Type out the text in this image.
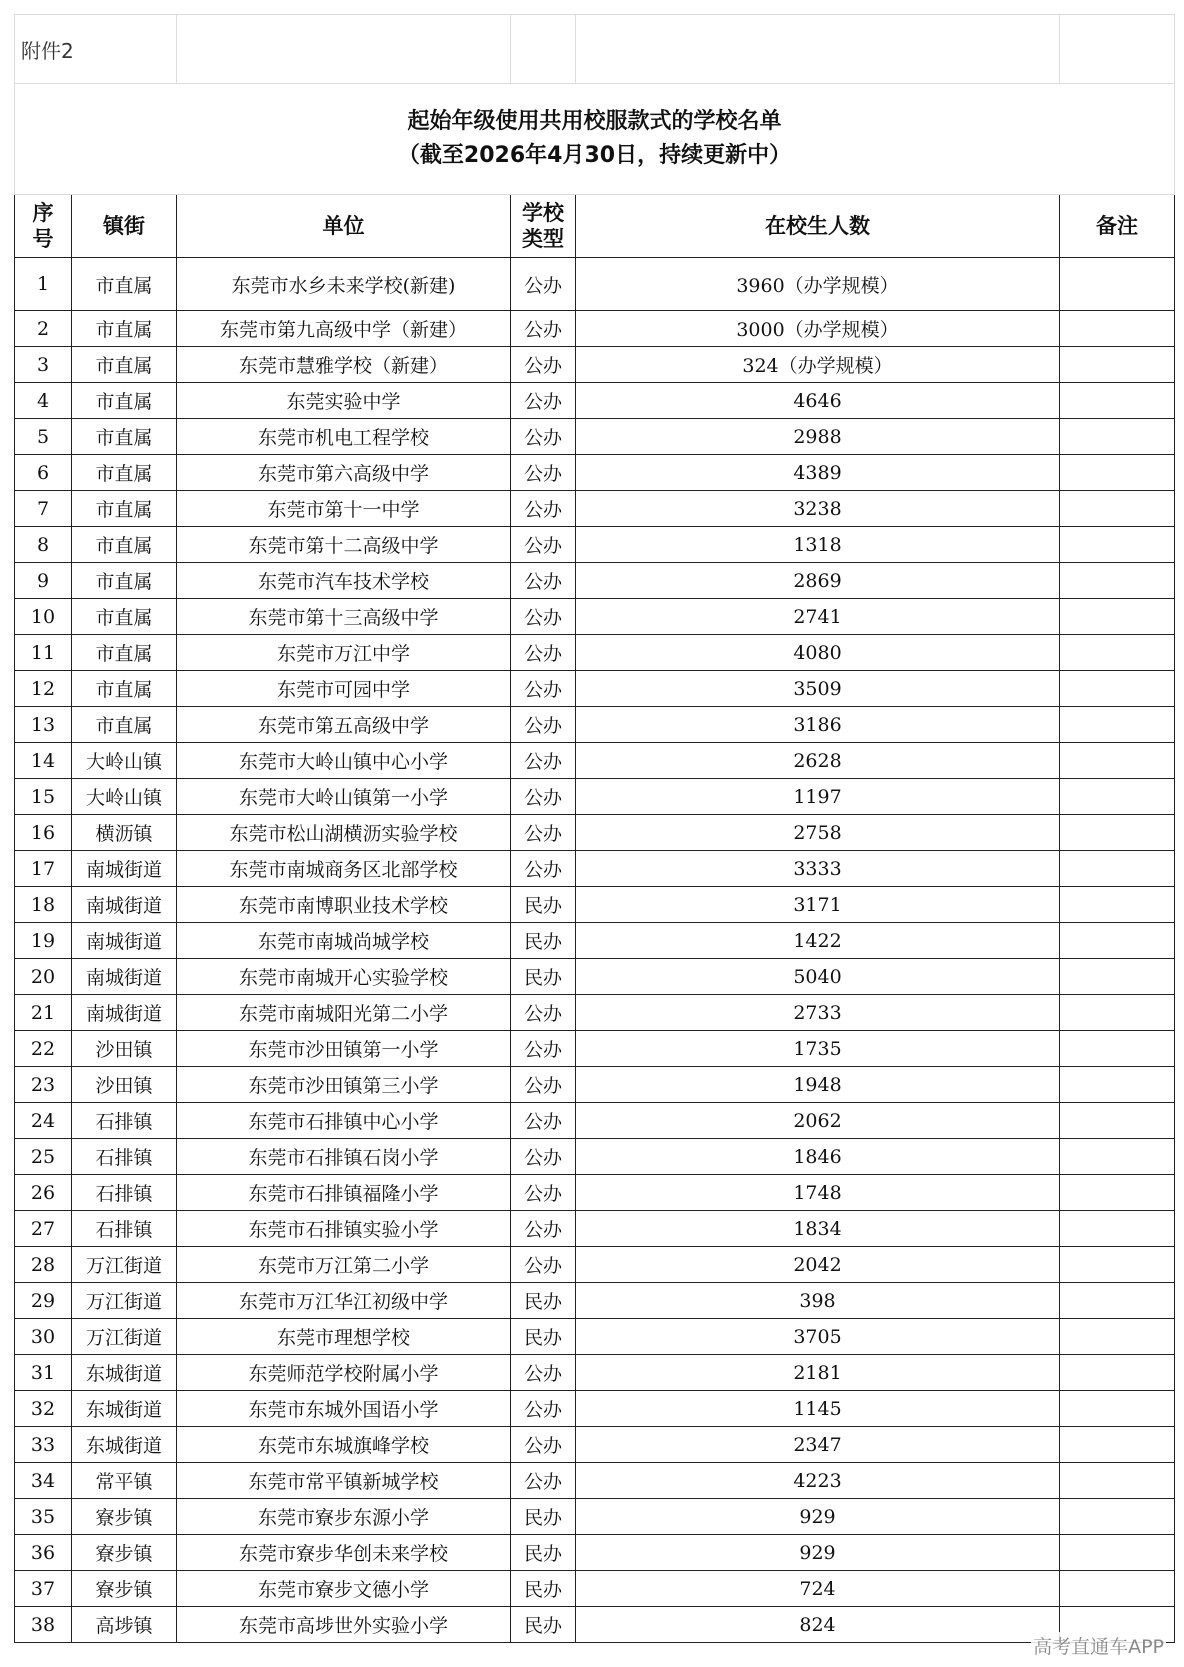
附件2					

起始年级使用共用校服款式的学校名单
（截至2026年4月30日，持续更新中）					

序号	镇街	单位	学校类型	在校生人数	备注
1	市直属	东莞市水乡未来学校(新建)	公办	3960（办学规模）	
2	市直属	东莞市第九高级中学（新建）	公办	3000（办学规模）	
3	市直属	东莞市慧雅学校（新建）	公办	324（办学规模）	
4	市直属	东莞实验中学	公办	4646	
5	市直属	东莞市机电工程学校	公办	2988	
6	市直属	东莞市第六高级中学	公办	4389	
7	市直属	东莞市第十一中学	公办	3238	
8	市直属	东莞市第十二高级中学	公办	1318	
9	市直属	东莞市汽车技术学校	公办	2869	
10	市直属	东莞市第十三高级中学	公办	2741	
11	市直属	东莞市万江中学	公办	4080	
12	市直属	东莞市可园中学	公办	3509	
13	市直属	东莞市第五高级中学	公办	3186	
14	大岭山镇	东莞市大岭山镇中心小学	公办	2628	
15	大岭山镇	东莞市大岭山镇第一小学	公办	1197	
16	横沥镇	东莞市松山湖横沥实验学校	公办	2758	
17	南城街道	东莞市南城商务区北部学校	公办	3333	
18	南城街道	东莞市南博职业技术学校	民办	3171	
19	南城街道	东莞市南城尚城学校	民办	1422	
20	南城街道	东莞市南城开心实验学校	民办	5040	
21	南城街道	东莞市南城阳光第二小学	公办	2733	
22	沙田镇	东莞市沙田镇第一小学	公办	1735	
23	沙田镇	东莞市沙田镇第三小学	公办	1948	
24	石排镇	东莞市石排镇中心小学	公办	2062	
25	石排镇	东莞市石排镇石岗小学	公办	1846	
26	石排镇	东莞市石排镇福隆小学	公办	1748	
27	石排镇	东莞市石排镇实验小学	公办	1834	
28	万江街道	东莞市万江第二小学	公办	2042	
29	万江街道	东莞市万江华江初级中学	民办	398	
30	万江街道	东莞市理想学校	民办	3705	
31	东城街道	东莞师范学校附属小学	公办	2181	
32	东城街道	东莞市东城外国语小学	公办	1145	
33	东城街道	东莞市东城旗峰学校	公办	2347	
34	常平镇	东莞市常平镇新城学校	公办	4223	
35	寮步镇	东莞市寮步东源小学	民办	929	
36	寮步镇	东莞市寮步华创未来学校	民办	929	
37	寮步镇	东莞市寮步文德小学	民办	724	
38	高埗镇	东莞市高埗世外实验小学	民办	824	
高考直通车APP
